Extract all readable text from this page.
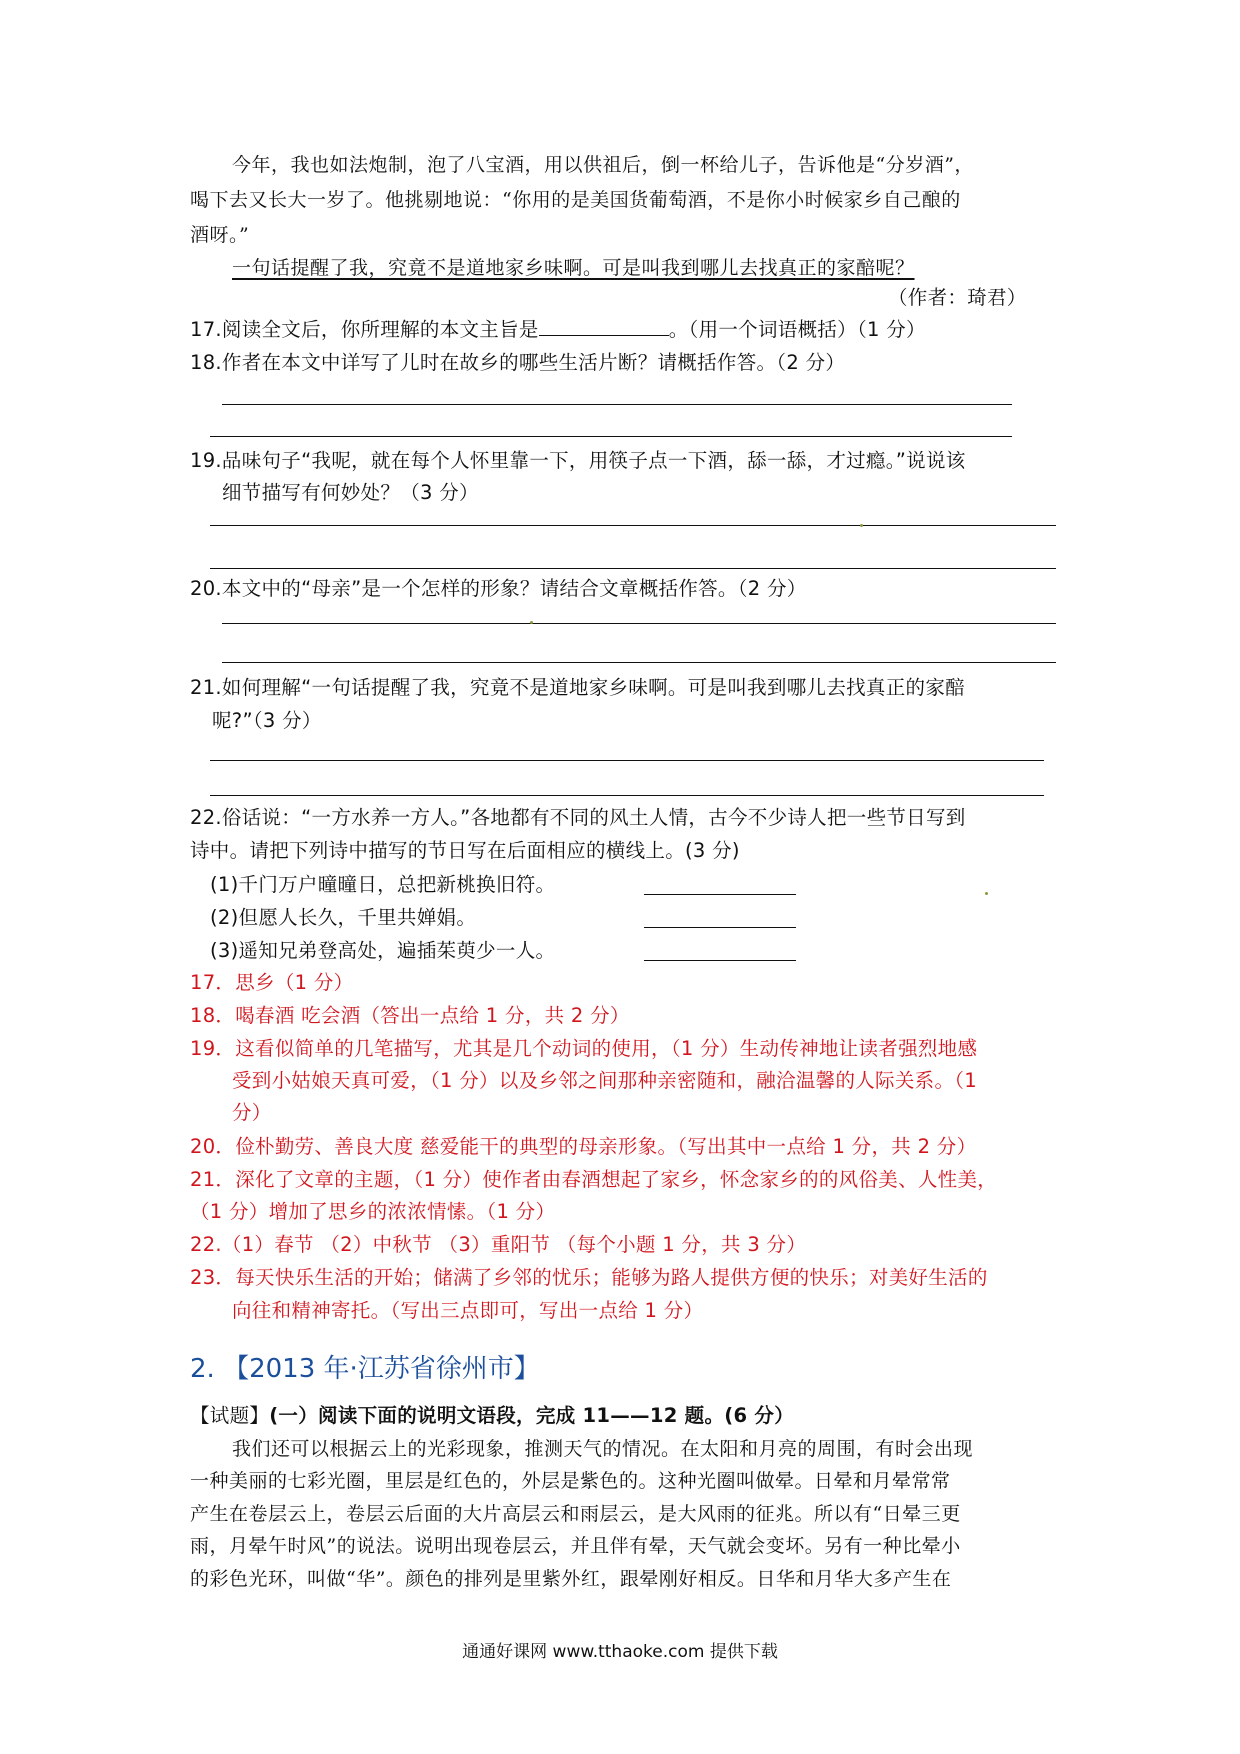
今年，我也如法炮制，泡了八宝酒，用以供祖后，倒一杯给儿子，告诉他是“分岁酒”，
喝下去又长大一岁了。他挑剔地说：“你用的是美国货葡萄酒，不是你小时候家乡自己酿的
酒呀。”
一句话提醒了我，究竟不是道地家乡味啊。可是叫我到哪儿去找真正的家醅呢？
（作者：琦君）
17.阅读全文后，你所理解的本文主旨是	。（用一个词语概括）（1 分）
18.作者在本文中详写了儿时在故乡的哪些生活片断？请概括作答。（2 分）
19.品味句子“我呢，就在每个人怀里靠一下，用筷子点一下酒，舔一舔，才过瘾。”说说该
细节描写有何妙处？（3 分）
20.本文中的“母亲”是一个怎样的形象？请结合文章概括作答。（2 分）
21.如何理解“一句话提醒了我，究竟不是道地家乡味啊。可是叫我到哪儿去找真正的家醅
呢?”（3 分）
22.俗话说：“一方水养一方人。”各地都有不同的风土人情，古今不少诗人把一些节日写到
诗中。请把下列诗中描写的节日写在后面相应的横线上。(3 分)
(1)千门万户曈曈日，总把新桃换旧符。
(2)但愿人长久，千里共婵娟。
(3)遥知兄弟登高处，遍插茱萸少一人。
17．思乡（1 分）
18．喝春酒 吃会酒（答出一点给 1 分，共 2 分）
19．这看似简单的几笔描写，尤其是几个动词的使用，（1 分）生动传神地让读者强烈地感
受到小姑娘天真可爱，（1 分）以及乡邻之间那种亲密随和，融洽温馨的人际关系。（1
分）
20．俭朴勤劳、善良大度 慈爱能干的典型的母亲形象。（写出其中一点给 1 分，共 2 分）
21．深化了文章的主题，（1 分）使作者由春酒想起了家乡，怀念家乡的的风俗美、人性美，
（1 分）增加了思乡的浓浓情愫。（1 分）
22.（1）春节 （2）中秋节 （3）重阳节 （每个小题 1 分，共 3 分）
23．每天快乐生活的开始；储满了乡邻的忧乐；能够为路人提供方便的快乐；对美好生活的
向往和精神寄托。（写出三点即可，写出一点给 1 分）
2. 【2013 年·江苏省徐州市】
【试题】(一）阅读下面的说明文语段，完成 11——12 题。(6 分）
我们还可以根据云上的光彩现象，推测天气的情况。在太阳和月亮的周围，有时会出现
一种美丽的七彩光圈，里层是红色的，外层是紫色的。这种光圈叫做晕。日晕和月晕常常
产生在卷层云上，卷层云后面的大片高层云和雨层云，是大风雨的征兆。所以有“日晕三更
雨，月晕午时风”的说法。说明出现卷层云，并且伴有晕，天气就会变坏。另有一种比晕小
的彩色光环，叫做“华”。颜色的排列是里紫外红，跟晕刚好相反。日华和月华大多产生在
通通好课网 www.tthaoke.com 提供下载
